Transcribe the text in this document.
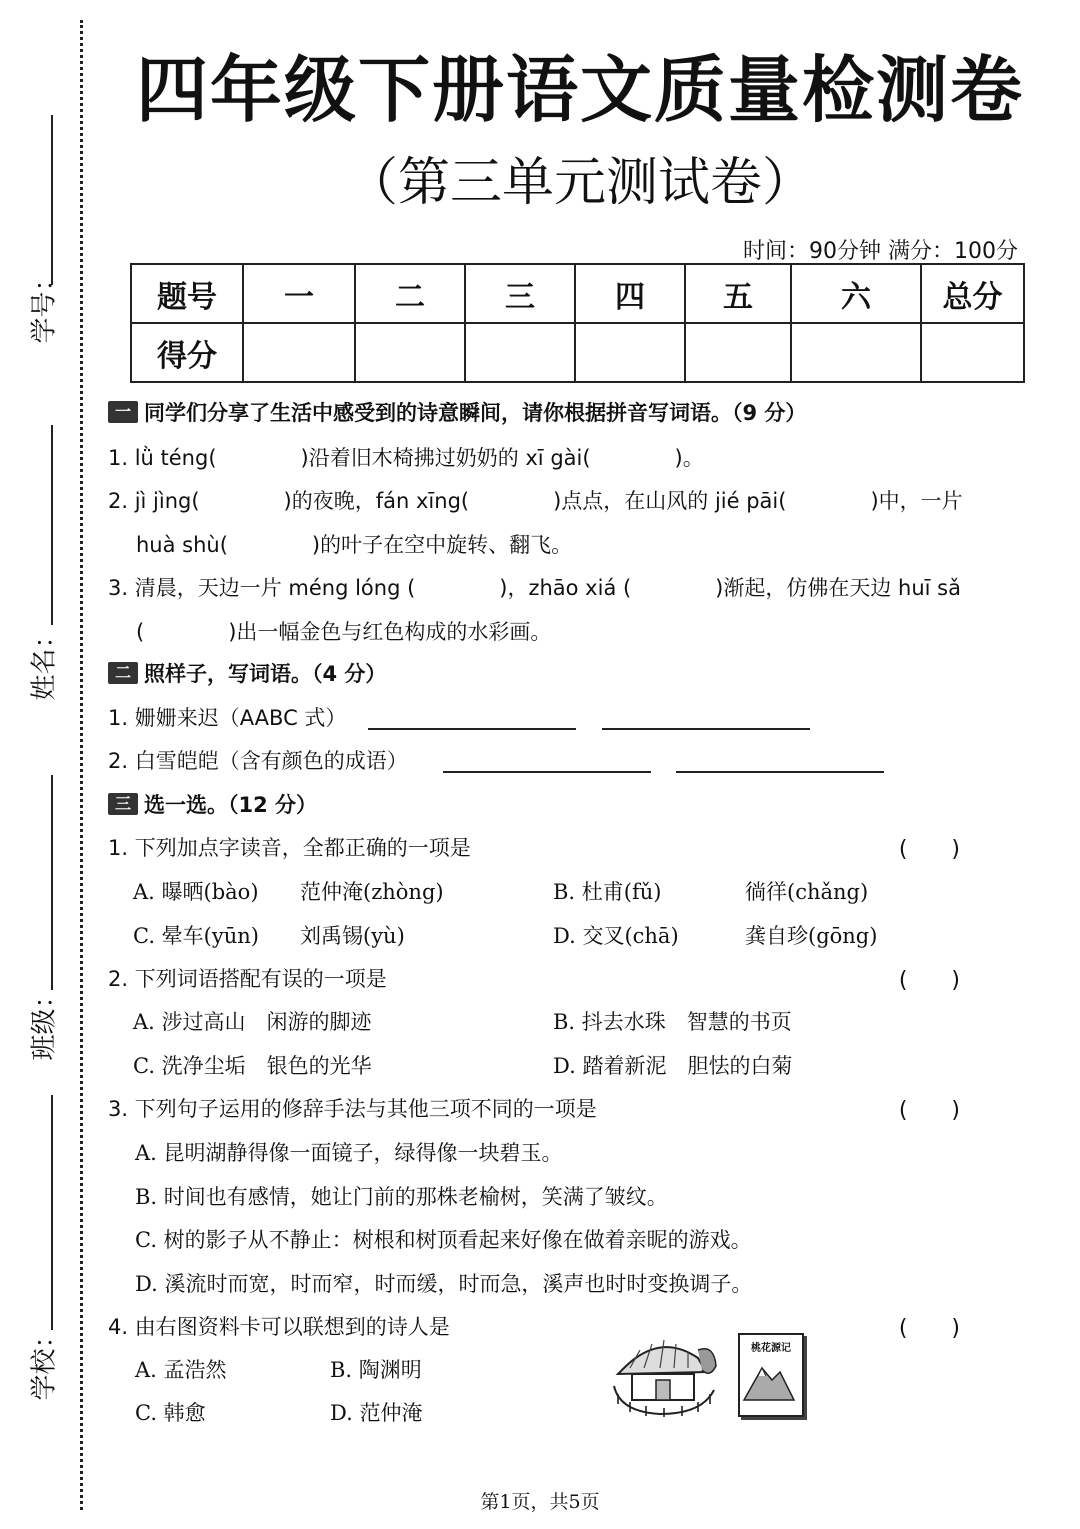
学号：
姓名：
班级：
学校：
四年级下册语文质量检测卷
（第三单元测试卷）
时间：90分钟 满分：100分
题号	一	二	三	四	五	六	总分
得分							
一 同学们分享了生活中感受到的诗意瞬间，请你根据拼音写词语。（9 分）
1. lǜ téng(　　　　)沿着旧木椅拂过奶奶的 xī gài(　　　　)。
2. jì jìng(　　　　)的夜晚，fán xīng(　　　　)点点，在山风的 jié pāi(　　　　)中，一片
huà shù(　　　　)的叶子在空中旋转、翻飞。
3. 清晨，天边一片 méng lóng (　　　　)，zhāo xiá (　　　　)渐起，仿佛在天边 huī sǎ
(　　　　)出一幅金色与红色构成的水彩画。
二 照样子，写词语。（4 分）
1. 姗姗来迟（AABC 式）
2. 白雪皑皑（含有颜色的成语）
三 选一选。（12 分）
1. 下列加点字读音，全都正确的一项是	(　　)
A. 曝晒(bào) 范仲淹(zhòng)	B. 杜甫(fǔ)	徜徉(chǎng)
C. 晕车(yūn) 刘禹锡(yù)	D. 交叉(chā)	龚自珍(gōng)
2. 下列词语搭配有误的一项是	(　　)
A. 涉过高山　闲游的脚迹	B. 抖去水珠　智慧的书页
C. 洗净尘垢　银色的光华	D. 踏着新泥　胆怯的白菊
3. 下列句子运用的修辞手法与其他三项不同的一项是	(　　)
A. 昆明湖静得像一面镜子，绿得像一块碧玉。
B. 时间也有感情，她让门前的那株老榆树，笑满了皱纹。
C. 树的影子从不静止：树根和树顶看起来好像在做着亲昵的游戏。
D. 溪流时而宽，时而窄，时而缓，时而急，溪声也时时变换调子。
4. 由右图资料卡可以联想到的诗人是	(　　)
A. 孟浩然	B. 陶渊明
C. 韩愈	D. 范仲淹
桃花源记
第1页，共5页
